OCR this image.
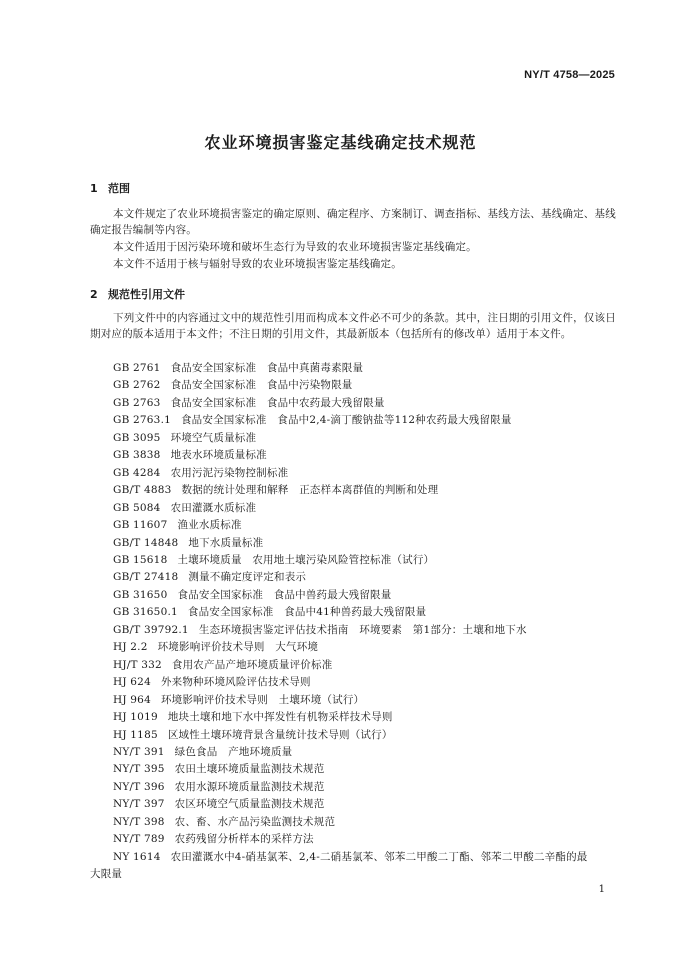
NY/T 4758—2025
农业环境损害鉴定基线确定技术规范
1 范围
本文件规定了农业环境损害鉴定的确定原则、确定程序、方案制订、调查指标、基线方法、基线确定、基线确定报告编制等内容。
本文件适用于因污染环境和破坏生态行为导致的农业环境损害鉴定基线确定。
本文件不适用于核与辐射导致的农业环境损害鉴定基线确定。
2 规范性引用文件
下列文件中的内容通过文中的规范性引用而构成本文件必不可少的条款。其中，注日期的引用文件，仅该日期对应的版本适用于本文件；不注日期的引用文件，其最新版本（包括所有的修改单）适用于本文件。
GB 2761 食品安全国家标准　食品中真菌毒素限量
GB 2762 食品安全国家标准　食品中污染物限量
GB 2763 食品安全国家标准　食品中农药最大残留限量
GB 2763.1 食品安全国家标准　食品中2,4-滴丁酸钠盐等112种农药最大残留限量
GB 3095 环境空气质量标准
GB 3838 地表水环境质量标准
GB 4284 农用污泥污染物控制标准
GB/T 4883 数据的统计处理和解释　正态样本离群值的判断和处理
GB 5084 农田灌溉水质标准
GB 11607 渔业水质标准
GB/T 14848 地下水质量标准
GB 15618 土壤环境质量　农用地土壤污染风险管控标准（试行）
GB/T 27418 测量不确定度评定和表示
GB 31650 食品安全国家标准　食品中兽药最大残留限量
GB 31650.1 食品安全国家标准　食品中41种兽药最大残留限量
GB/T 39792.1 生态环境损害鉴定评估技术指南　环境要素　第1部分：土壤和地下水
HJ 2.2 环境影响评价技术导则　大气环境
HJ/T 332 食用农产品产地环境质量评价标准
HJ 624 外来物种环境风险评估技术导则
HJ 964 环境影响评价技术导则　土壤环境（试行）
HJ 1019 地块土壤和地下水中挥发性有机物采样技术导则
HJ 1185 区域性土壤环境背景含量统计技术导则（试行）
NY/T 391 绿色食品　产地环境质量
NY/T 395 农田土壤环境质量监测技术规范
NY/T 396 农用水源环境质量监测技术规范
NY/T 397 农区环境空气质量监测技术规范
NY/T 398 农、畜、水产品污染监测技术规范
NY/T 789 农药残留分析样本的采样方法
NY 1614 农田灌溉水中4-硝基氯苯、2,4-二硝基氯苯、邻苯二甲酸二丁酯、邻苯二甲酸二辛酯的最
大限量
1
